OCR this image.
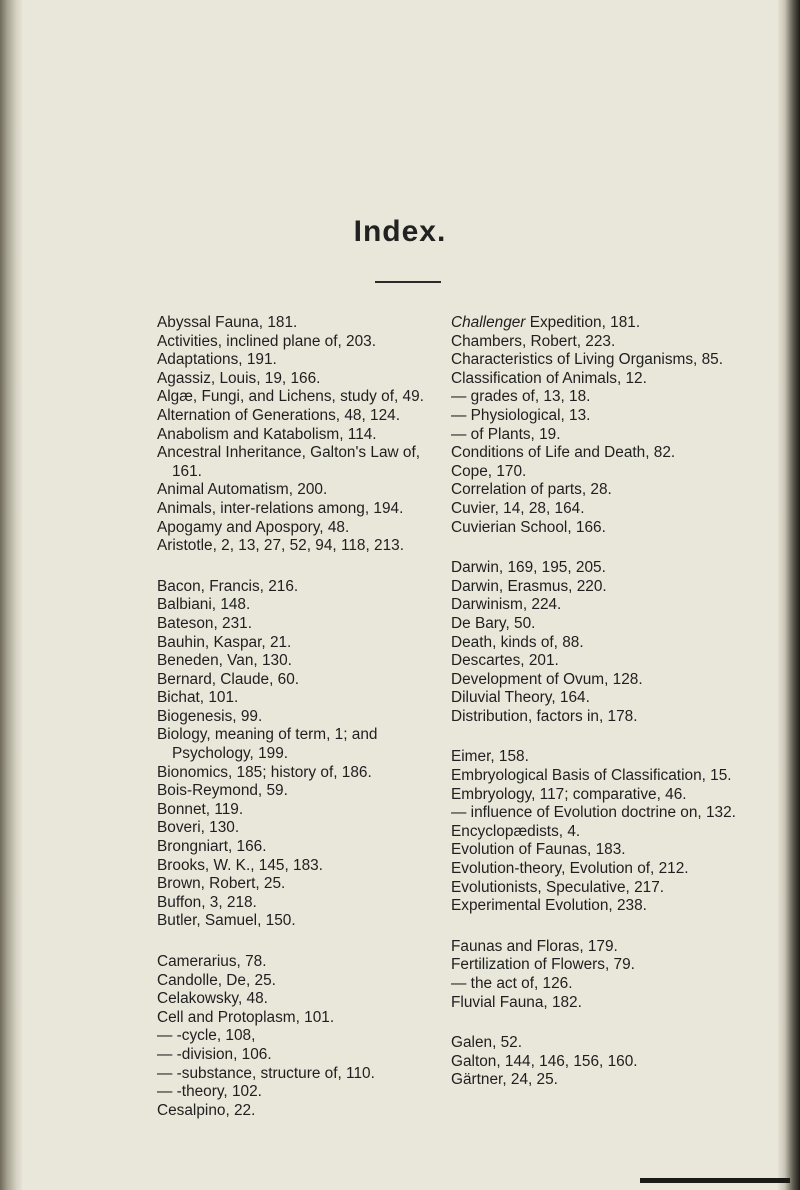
Index.
Abyssal Fauna, 181.
Activities, inclined plane of, 203.
Adaptations, 191.
Agassiz, Louis, 19, 166.
Algæ, Fungi, and Lichens, study of, 49.
Alternation of Generations, 48, 124.
Anabolism and Katabolism, 114.
Ancestral Inheritance, Galton's Law of, 161.
Animal Automatism, 200.
Animals, inter-relations among, 194.
Apogamy and Apospory, 48.
Aristotle, 2, 13, 27, 52, 94, 118, 213.
Bacon, Francis, 216.
Balbiani, 148.
Bateson, 231.
Bauhin, Kaspar, 21.
Beneden, Van, 130.
Bernard, Claude, 60.
Bichat, 101.
Biogenesis, 99.
Biology, meaning of term, 1; and Psychology, 199.
Bionomics, 185; history of, 186.
Bois-Reymond, 59.
Bonnet, 119.
Boveri, 130.
Brongniart, 166.
Brooks, W. K., 145, 183.
Brown, Robert, 25.
Buffon, 3, 218.
Butler, Samuel, 150.
Camerarius, 78.
Candolle, De, 25.
Celakowsky, 48.
Cell and Protoplasm, 101.
— -cycle, 108,
— -division, 106.
— -substance, structure of, 110.
— -theory, 102.
Cesalpino, 22.
Challenger Expedition, 181.
Chambers, Robert, 223.
Characteristics of Living Organisms, 85.
Classification of Animals, 12.
— grades of, 13, 18.
— Physiological, 13.
— of Plants, 19.
Conditions of Life and Death, 82.
Cope, 170.
Correlation of parts, 28.
Cuvier, 14, 28, 164.
Cuvierian School, 166.
Darwin, 169, 195, 205.
Darwin, Erasmus, 220.
Darwinism, 224.
De Bary, 50.
Death, kinds of, 88.
Descartes, 201.
Development of Ovum, 128.
Diluvial Theory, 164.
Distribution, factors in, 178.
Eimer, 158.
Embryological Basis of Classification, 15.
Embryology, 117; comparative, 46.
— influence of Evolution doctrine on, 132.
Encyclopædists, 4.
Evolution of Faunas, 183.
Evolution-theory, Evolution of, 212.
Evolutionists, Speculative, 217.
Experimental Evolution, 238.
Faunas and Floras, 179.
Fertilization of Flowers, 79.
— the act of, 126.
Fluvial Fauna, 182.
Galen, 52.
Galton, 144, 146, 156, 160.
Gärtner, 24, 25.
